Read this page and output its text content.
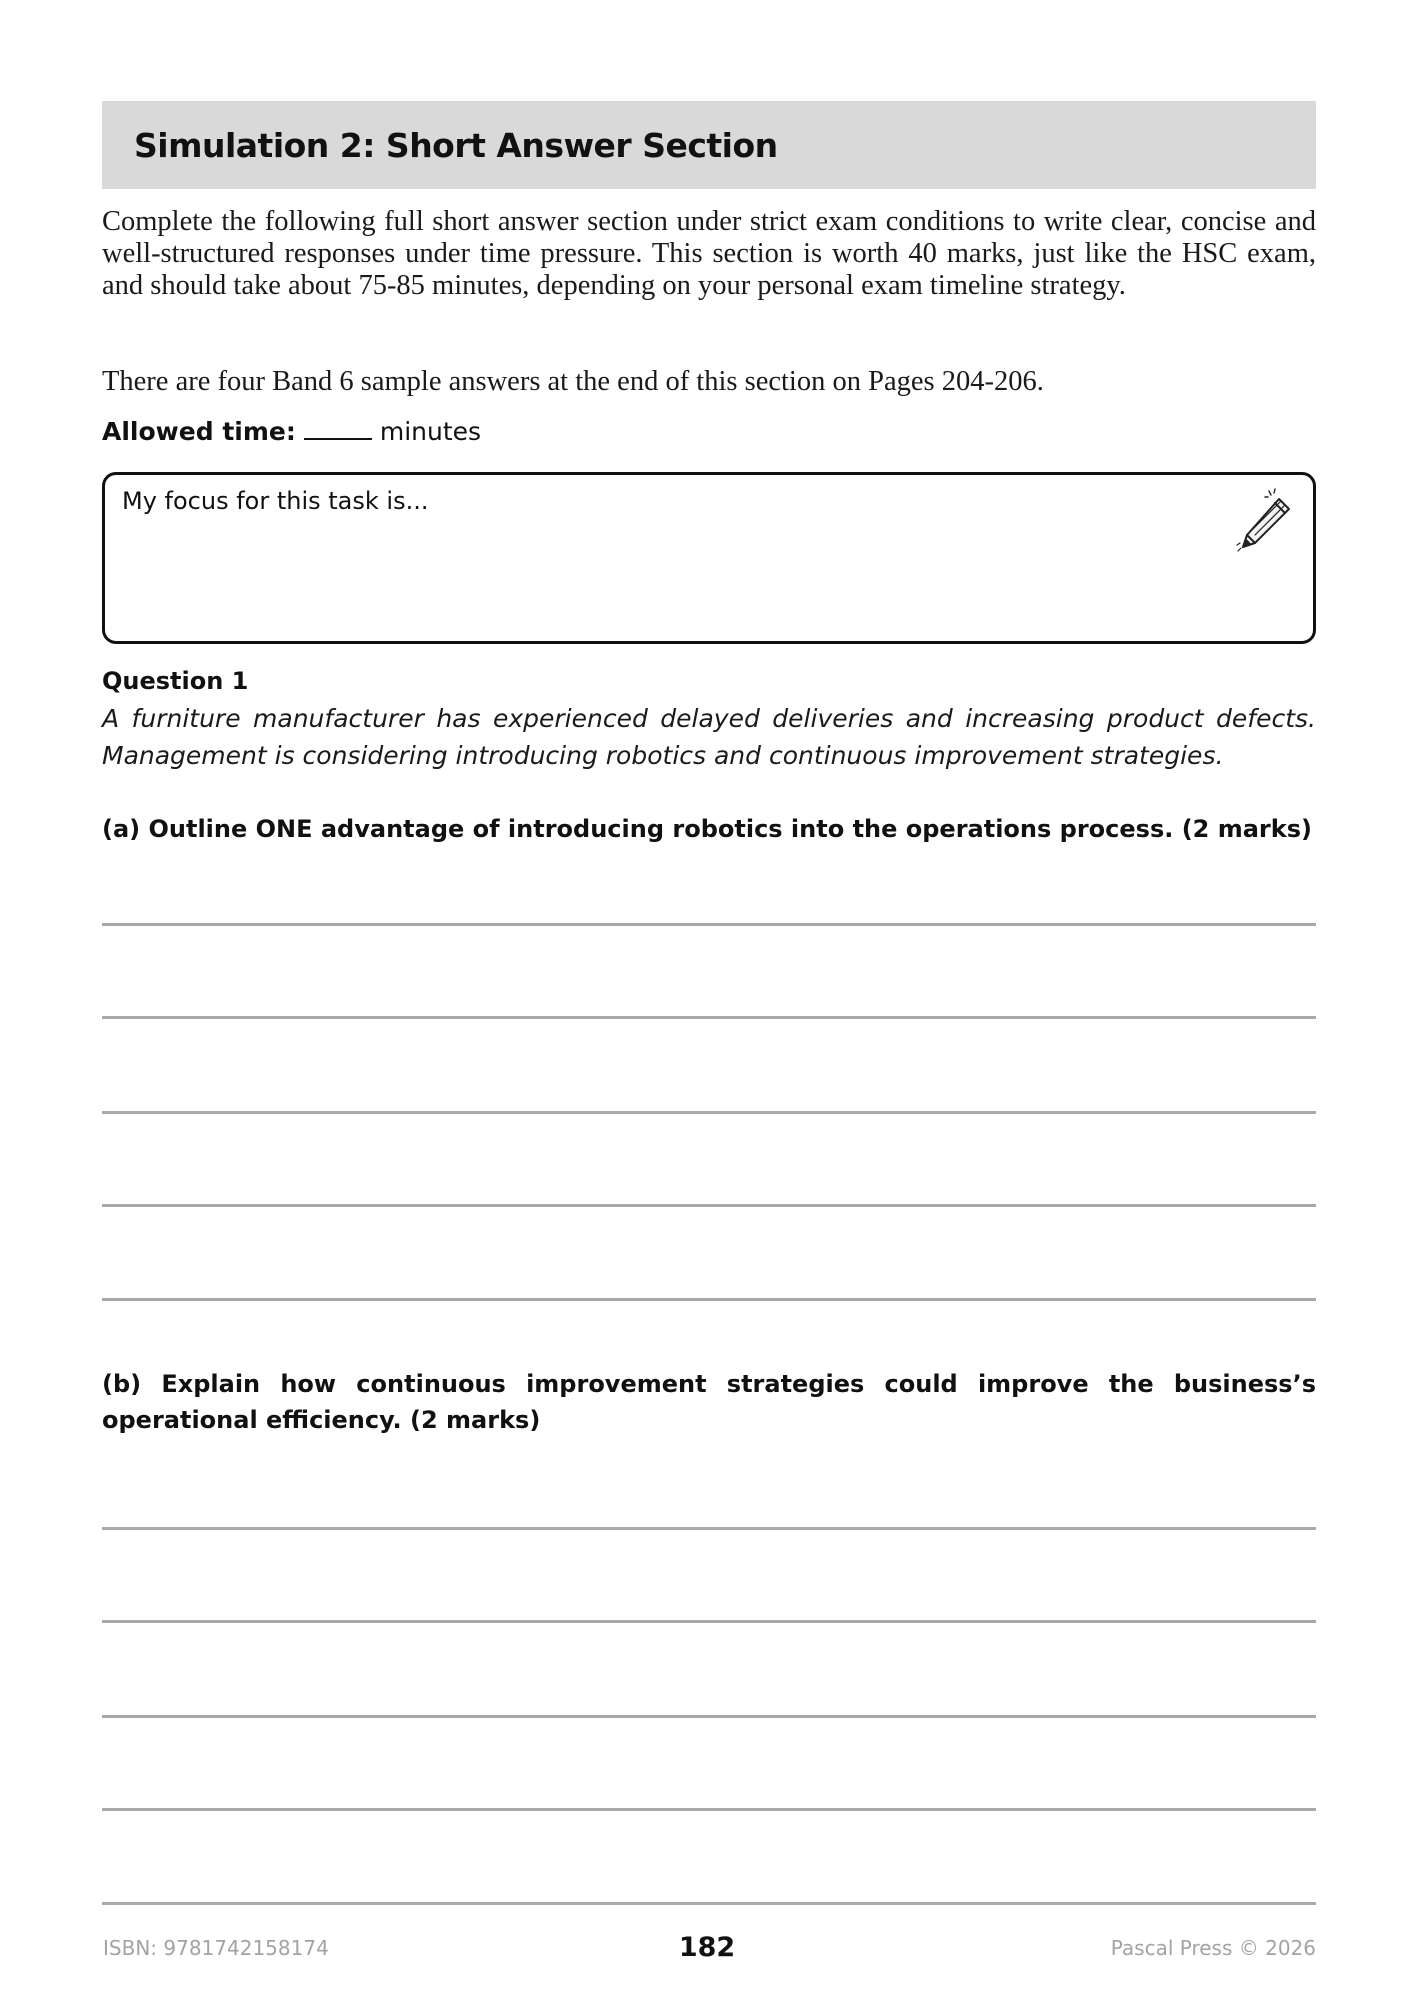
Simulation 2: Short Answer Section

Complete the following full short answer section under strict exam conditions to write clear, concise and well-structured responses under time pressure. This section is worth 40 marks, just like the HSC exam, and should take about 75-85 minutes, depending on your personal exam timeline strategy.

There are four Band 6 sample answers at the end of this section on Pages 204-206.

Allowed time:	minutes
My focus for this task is...
Question 1

A furniture manufacturer has experienced delayed deliveries and increasing product defects. Management is considering introducing robotics and continuous improvement strategies.

(a) Outline ONE advantage of introducing robotics into the operations process. (2 marks)

(b) Explain how continuous improvement strategies could improve the business’s operational efficiency. (2 marks)

ISBN: 9781742158174	182	Pascal Press © 2026
